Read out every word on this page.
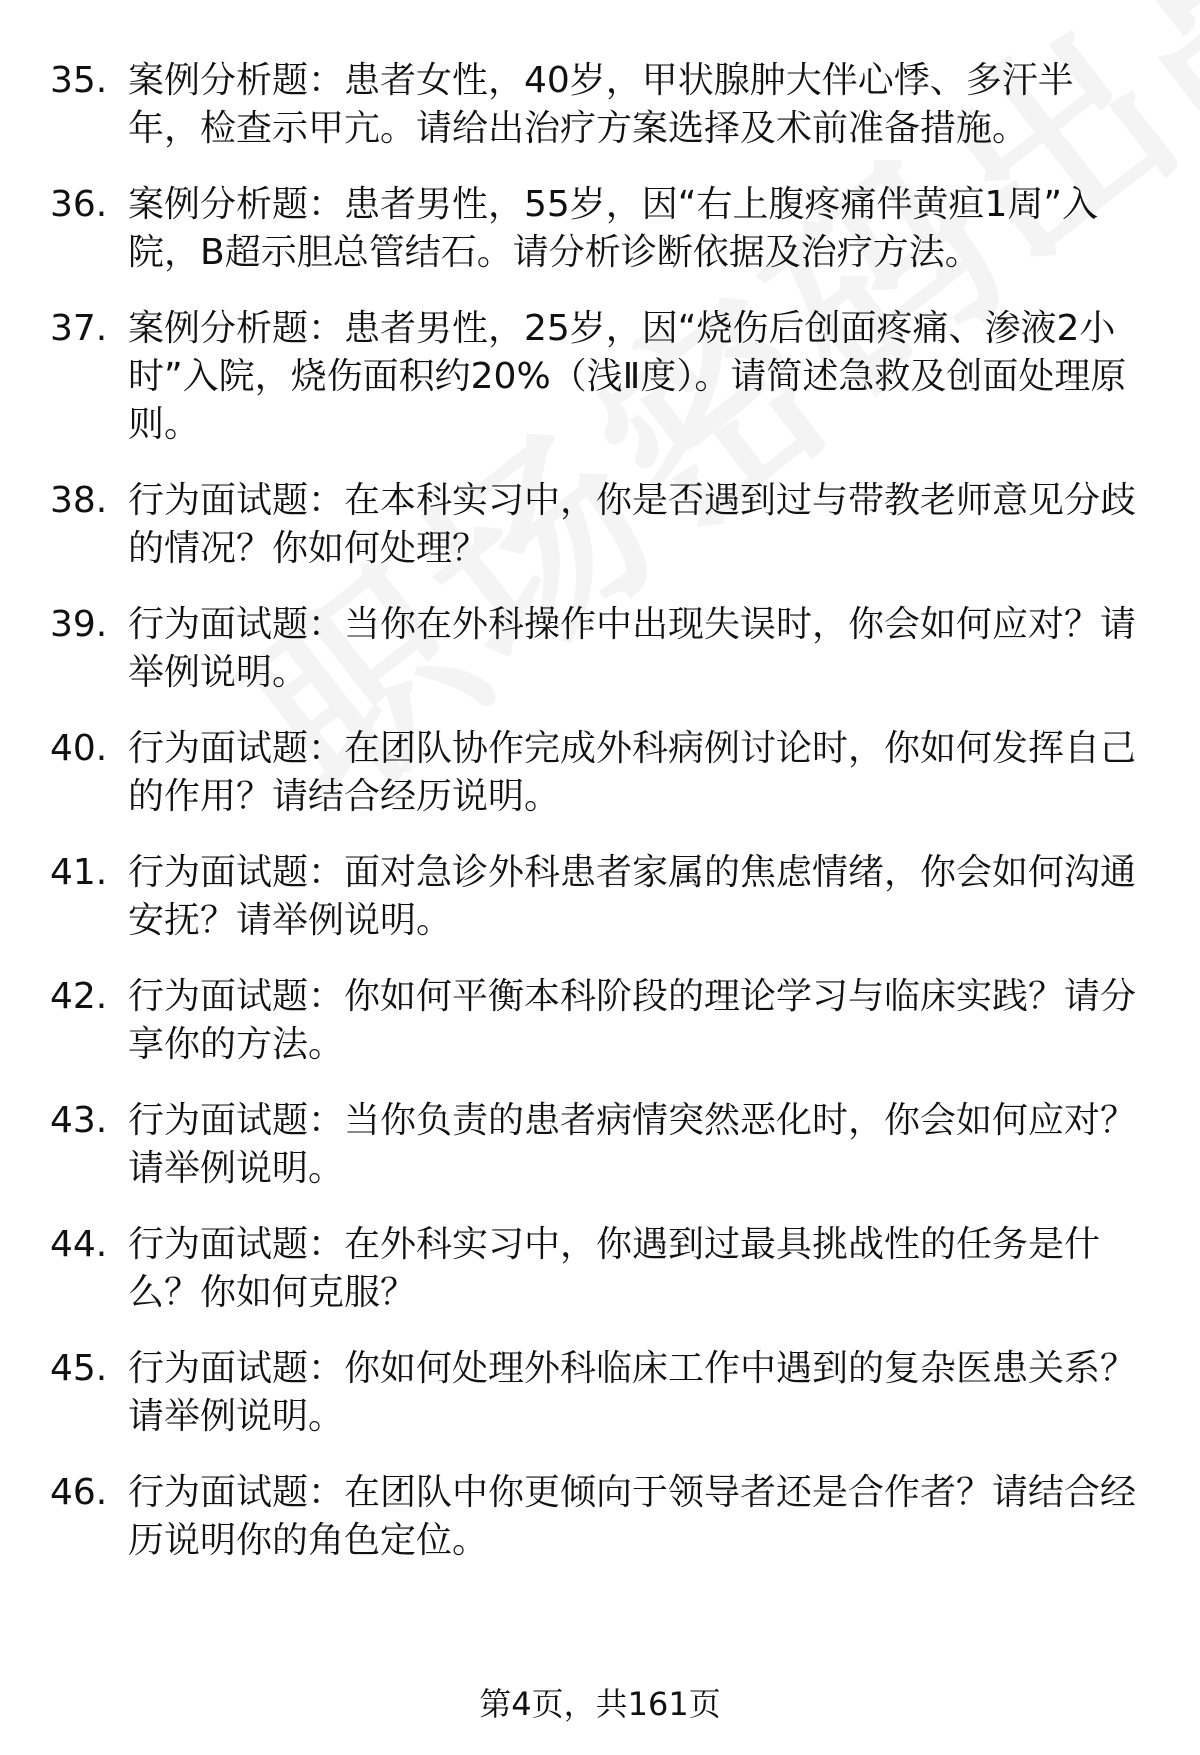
35. 案例分析题：患者女性，40岁，甲状腺肿大伴心悸、多汗半年，检查示甲亢。请给出治疗方案选择及术前准备措施。
36. 案例分析题：患者男性，55岁，因“右上腹疼痛伴黄疸1周”入院，B超示胆总管结石。请分析诊断依据及治疗方法。
37. 案例分析题：患者男性，25岁，因“烧伤后创面疼痛、渗液2小时”入院，烧伤面积约20%（浅Ⅱ度）。请简述急救及创面处理原则。
38. 行为面试题：在本科实习中，你是否遇到过与带教老师意见分歧的情况？你如何处理？
39. 行为面试题：当你在外科操作中出现失误时，你会如何应对？请举例说明。
40. 行为面试题：在团队协作完成外科病例讨论时，你如何发挥自己的作用？请结合经历说明。
41. 行为面试题：面对急诊外科患者家属的焦虑情绪，你会如何沟通安抚？请举例说明。
42. 行为面试题：你如何平衡本科阶段的理论学习与临床实践？请分享你的方法。
43. 行为面试题：当你负责的患者病情突然恶化时，你会如何应对？请举例说明。
44. 行为面试题：在外科实习中，你遇到过最具挑战性的任务是什么？你如何克服？
45. 行为面试题：你如何处理外科临床工作中遇到的复杂医患关系？请举例说明。
46. 行为面试题：在团队中你更倾向于领导者还是合作者？请结合经历说明你的角色定位。
第4页，共161页
